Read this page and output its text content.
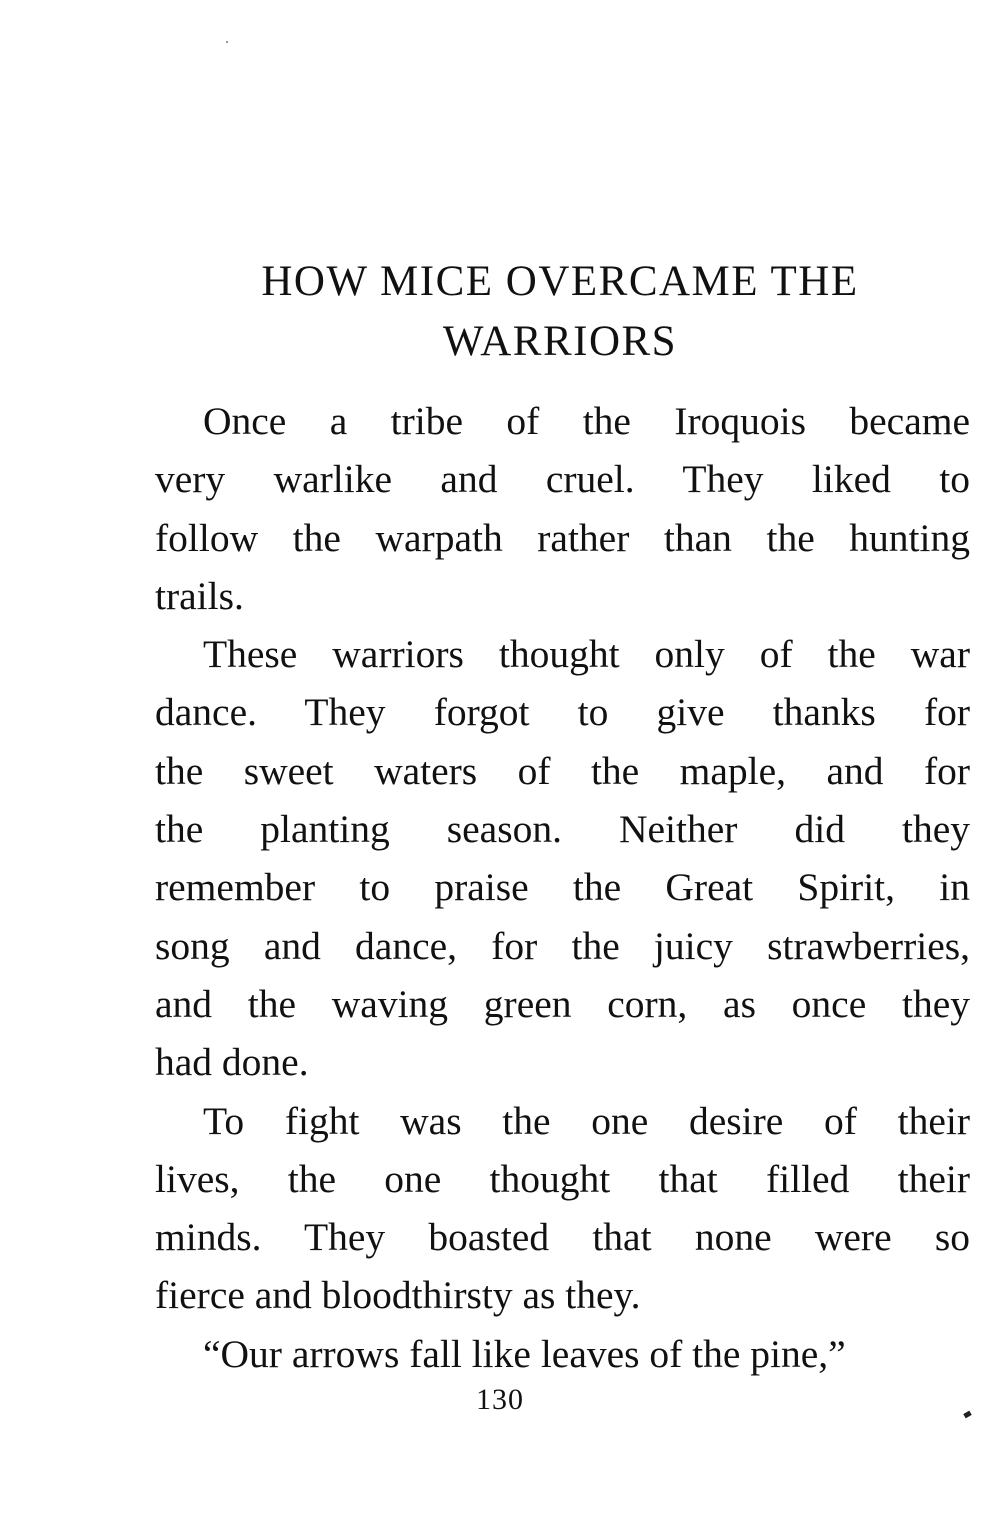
HOW MICE OVERCAME THE
WARRIORS

Once a tribe of the Iroquois became
very warlike and cruel. They liked to
follow the warpath rather than the hunting
trails.

These warriors thought only of the war
dance. They forgot to give thanks for
the sweet waters of the maple, and for
the planting season. Neither did they
remember to praise the Great Spirit, in
song and dance, for the juicy strawberries,
and the waving green corn, as once they
had done.

To fight was the one desire of their
lives, the one thought that filled their
minds. They boasted that none were so
fierce and bloodthirsty as they.

“Our arrows fall like leaves of the pine,”

130
